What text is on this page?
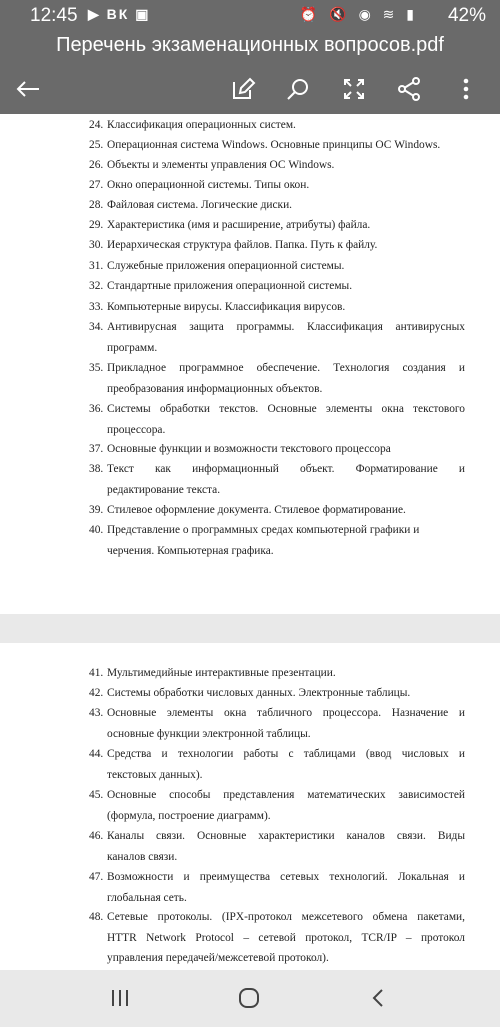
12:45 ▶ ВК ▣	⏰ 🔇 ◉ ≋ ▮ 42%
Перечень экзаменационных вопросов.pdf
24. Классификация операционных систем.
25. Операционная система Windows. Основные принципы ОС Windows.
26. Объекты и элементы управления ОС Windows.
27. Окно операционной системы. Типы окон.
28. Файловая система. Логические диски.
29. Характеристика (имя и расширение, атрибуты) файла.
30. Иерархическая структура файлов. Папка. Путь к файлу.
31. Служебные приложения операционной системы.
32. Стандартные приложения операционной системы.
33. Компьютерные вирусы. Классификация вирусов.
34. Антивирусная защита программы. Классификация антивирусных
программ.
35. Прикладное программное обеспечение. Технология создания и
преобразования информационных объектов.
36. Системы обработки текстов. Основные элементы окна текстового
процессора.
37. Основные функции и возможности текстового процессора
38. Текст как информационный объект. Форматирование и
редактирование текста.
39. Стилевое оформление документа. Стилевое форматирование.
40. Представление о программных средах компьютерной графики и
черчения. Компьютерная графика.
41. Мультимедийные интерактивные презентации.
42. Системы обработки числовых данных. Электронные таблицы.
43. Основные элементы окна табличного процессора. Назначение и
основные функции электронной таблицы.
44. Средства и технологии работы с таблицами (ввод числовых и
текстовых данных).
45. Основные способы представления математических зависимостей
(формула, построение диаграмм).
46. Каналы связи. Основные характеристики каналов связи. Виды
каналов связи.
47. Возможности и преимущества сетевых технологий. Локальная и
глобальная сеть.
48. Сетевые протоколы. (IPX-протокол межсетевого обмена пакетами,
HTTR Network Protocol – сетевой протокол, TCR/IP – протокол
управления передачей/межсетевой протокол).
